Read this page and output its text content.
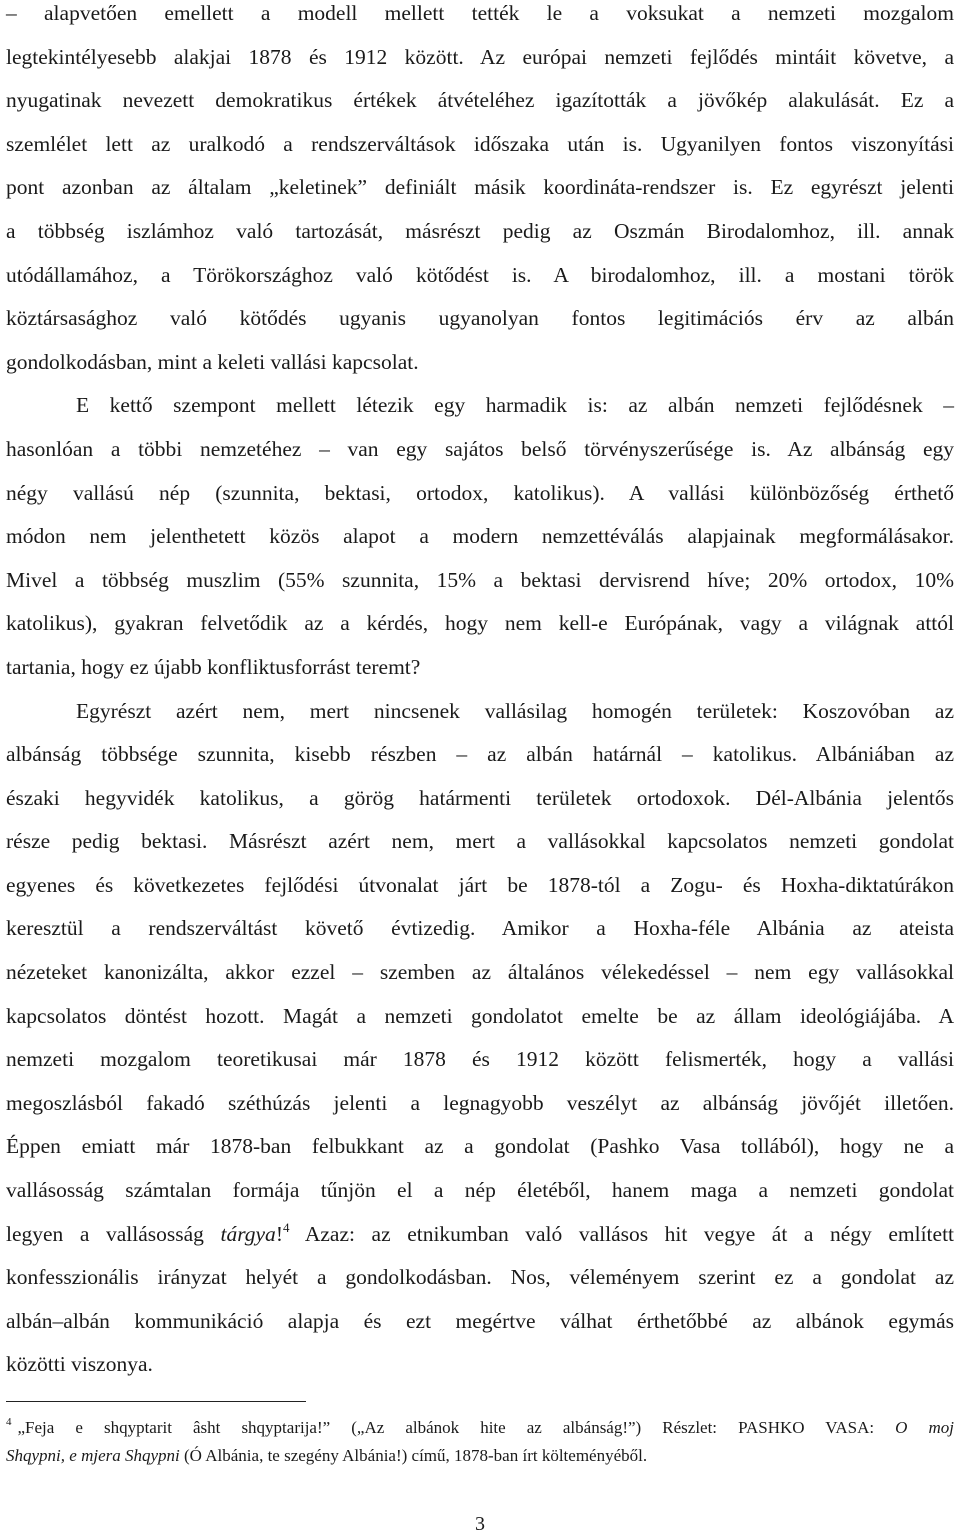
– alapvetően emellett a modell mellett tették le a voksukat a nemzeti mozgalom
legtekintélyesebb alakjai 1878 és 1912 között. Az európai nemzeti fejlődés mintáit követve, a
nyugatinak nevezett demokratikus értékek átvételéhez igazították a jövőkép alakulását. Ez a
szemlélet lett az uralkodó a rendszerváltások időszaka után is. Ugyanilyen fontos viszonyítási
pont azonban az általam „keletinek” definiált másik koordináta-rendszer is. Ez egyrészt jelenti
a többség iszlámhoz való tartozását, másrészt pedig az Oszmán Birodalomhoz, ill. annak
utódállamához, a Törökországhoz való kötődést is. A birodalomhoz, ill. a mostani török
köztársasághoz való kötődés ugyanis ugyanolyan fontos legitimációs érv az albán
gondolkodásban, mint a keleti vallási kapcsolat.
E kettő szempont mellett létezik egy harmadik is: az albán nemzeti fejlődésnek –
hasonlóan a többi nemzetéhez – van egy sajátos belső törvényszerűsége is. Az albánság egy
négy vallású nép (szunnita, bektasi, ortodox, katolikus). A vallási különbözőség érthető
módon nem jelenthetett közös alapot a modern nemzettéválás alapjainak megformálásakor.
Mivel a többség muszlim (55% szunnita, 15% a bektasi dervisrend híve; 20% ortodox, 10%
katolikus), gyakran felvetődik az a kérdés, hogy nem kell-e Európának, vagy a világnak attól
tartania, hogy ez újabb konfliktusforrást teremt?
Egyrészt azért nem, mert nincsenek vallásilag homogén területek: Koszovóban az
albánság többsége szunnita, kisebb részben – az albán határnál – katolikus. Albániában az
északi hegyvidék katolikus, a görög határmenti területek ortodoxok. Dél-Albánia jelentős
része pedig bektasi. Másrészt azért nem, mert a vallásokkal kapcsolatos nemzeti gondolat
egyenes és következetes fejlődési útvonalat járt be 1878-tól a Zogu- és Hoxha-diktatúrákon
keresztül a rendszerváltást követő évtizedig. Amikor a Hoxha-féle Albánia az ateista
nézeteket kanonizálta, akkor ezzel – szemben az általános vélekedéssel – nem egy vallásokkal
kapcsolatos döntést hozott. Magát a nemzeti gondolatot emelte be az állam ideológiájába. A
nemzeti mozgalom teoretikusai már 1878 és 1912 között felismerték, hogy a vallási
megoszlásból fakadó széthúzás jelenti a legnagyobb veszélyt az albánság jövőjét illetően.
Éppen emiatt már 1878-ban felbukkant az a gondolat (Pashko Vasa tollából), hogy ne a
vallásosság számtalan formája tűnjön el a nép életéből, hanem maga a nemzeti gondolat
legyen a vallásosság tárgya!$^4$ Azaz: az etnikumban való vallásos hit vegye át a négy említett
konfesszionális irányzat helyét a gondolkodásban. Nos, véleményem szerint ez a gondolat az
albán–albán kommunikáció alapja és ezt megértve válhat érthetőbbé az albánok egymás
közötti viszonya.
$^4$ „Feja e shqyptarit âsht shqyptarija!” („Az albánok hite az albánság!”) Részlet: PASHKO VASA: O moj
Shqypni, e mjera Shqypni (Ó Albánia, te szegény Albánia!) című, 1878-ban írt költeményéből.
3
